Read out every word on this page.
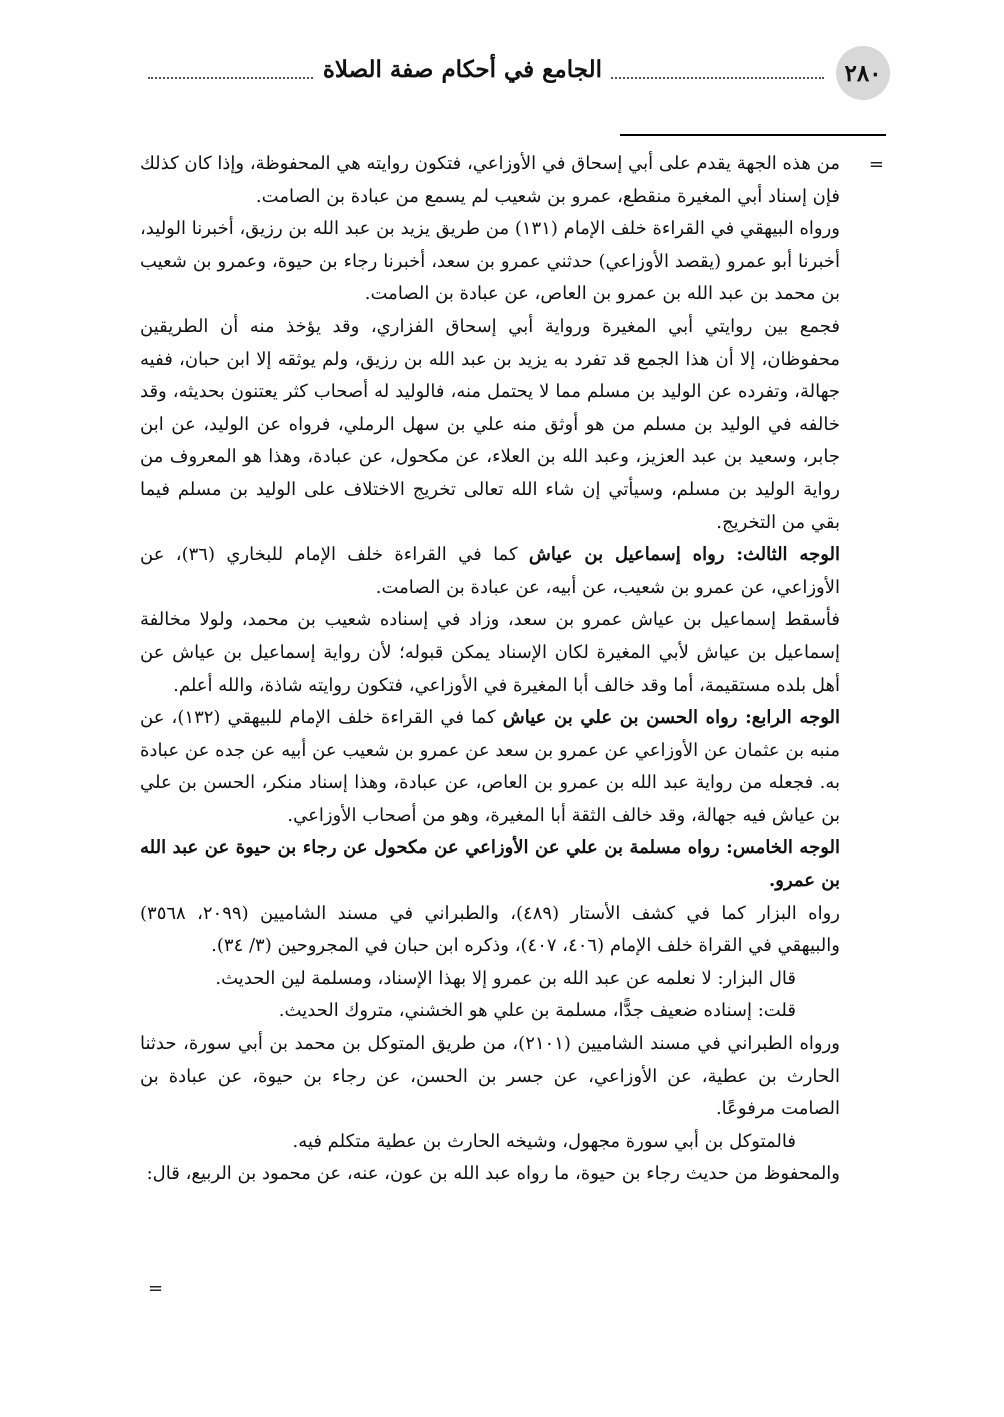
الجامع في أحكام صفة الصلاة	٢٨٠
=

من هذه الجهة يقدم على أبي إسحاق في الأوزاعي، فتكون روايته هي المحفوظة، وإذا كان كذلك فإن إسناد أبي المغيرة منقطع، عمرو بن شعيب لم يسمع من عبادة بن الصامت.

ورواه البيهقي في القراءة خلف الإمام (١٣١) من طريق يزيد بن عبد الله بن رزيق، أخبرنا الوليد، أخبرنا أبو عمرو (يقصد الأوزاعي) حدثني عمرو بن سعد، أخبرنا رجاء بن حيوة، وعمرو بن شعيب بن محمد بن عبد الله بن عمرو بن العاص، عن عبادة بن الصامت.

فجمع بين روايتي أبي المغيرة ورواية أبي إسحاق الفزاري، وقد يؤخذ منه أن الطريقين محفوظان، إلا أن هذا الجمع قد تفرد به يزيد بن عبد الله بن رزيق، ولم يوثقه إلا ابن حبان، ففيه جهالة، وتفرده عن الوليد بن مسلم مما لا يحتمل منه، فالوليد له أصحاب كثر يعتنون بحديثه، وقد خالفه في الوليد بن مسلم من هو أوثق منه علي بن سهل الرملي، فرواه عن الوليد، عن ابن جابر، وسعيد بن عبد العزيز، وعبد الله بن العلاء، عن مكحول، عن عبادة، وهذا هو المعروف من رواية الوليد بن مسلم، وسيأتي إن شاء الله تعالى تخريج الاختلاف على الوليد بن مسلم فيما بقي من التخريج.

الوجه الثالث: رواه إسماعيل بن عياش كما في القراءة خلف الإمام للبخاري (٣٦)، عن الأوزاعي، عن عمرو بن شعيب، عن أبيه، عن عبادة بن الصامت.

فأسقط إسماعيل بن عياش عمرو بن سعد، وزاد في إسناده شعيب بن محمد، ولولا مخالفة إسماعيل بن عياش لأبي المغيرة لكان الإسناد يمكن قبوله؛ لأن رواية إسماعيل بن عياش عن أهل بلده مستقيمة، أما وقد خالف أبا المغيرة في الأوزاعي، فتكون روايته شاذة، والله أعلم.

الوجه الرابع: رواه الحسن بن علي بن عياش كما في القراءة خلف الإمام للبيهقي (١٣٢)، عن منبه بن عثمان عن الأوزاعي عن عمرو بن سعد عن عمرو بن شعيب عن أبيه عن جده عن عبادة به. فجعله من رواية عبد الله بن عمرو بن العاص، عن عبادة، وهذا إسناد منكر، الحسن بن علي بن عياش فيه جهالة، وقد خالف الثقة أبا المغيرة، وهو من أصحاب الأوزاعي.

الوجه الخامس: رواه مسلمة بن علي عن الأوزاعي عن مكحول عن رجاء بن حيوة عن عبد الله بن عمرو.

رواه البزار كما في كشف الأستار (٤٨٩)، والطبراني في مسند الشاميين (٢٠٩٩، ٣٥٦٨) والبيهقي في القراة خلف الإمام (٤٠٦، ٤٠٧)، وذكره ابن حبان في المجروحين (٣/ ٣٤).

قال البزار: لا نعلمه عن عبد الله بن عمرو إلا بهذا الإسناد، ومسلمة لين الحديث.

قلت: إسناده ضعيف جدًّا، مسلمة بن علي هو الخشني، متروك الحديث.

ورواه الطبراني في مسند الشاميين (٢١٠١)، من طريق المتوكل بن محمد بن أبي سورة، حدثنا الحارث بن عطية، عن الأوزاعي، عن جسر بن الحسن، عن رجاء بن حيوة، عن عبادة بن الصامت مرفوعًا.

فالمتوكل بن أبي سورة مجهول، وشيخه الحارث بن عطية متكلم فيه.

والمحفوظ من حديث رجاء بن حيوة، ما رواه عبد الله بن عون، عنه، عن محمود بن الربيع، قال:

=
